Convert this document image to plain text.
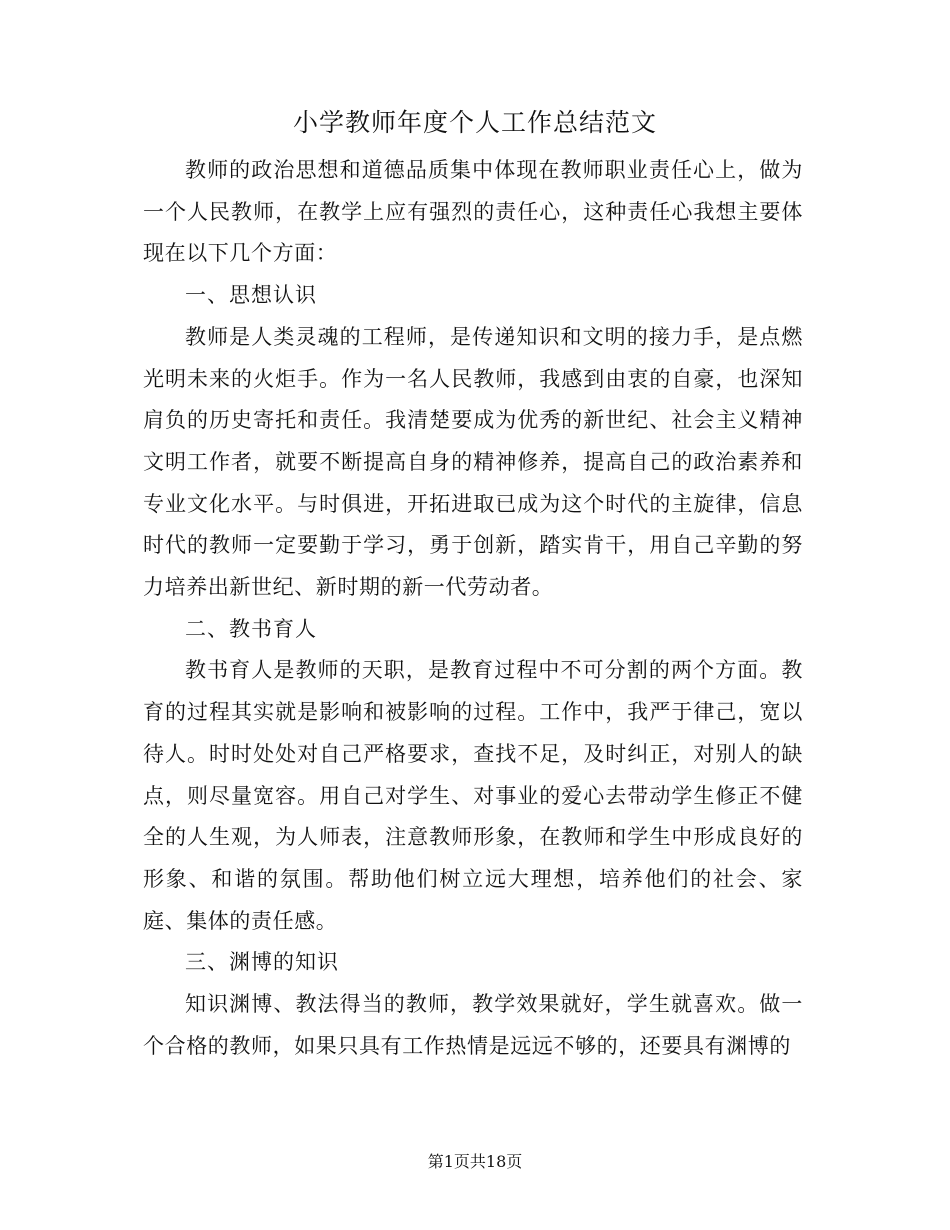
小学教师年度个人工作总结范文

教师的政治思想和道德品质集中体现在教师职业责任心上，做为一个人民教师，在教学上应有强烈的责任心，这种责任心我想主要体现在以下几个方面：

一、思想认识

教师是人类灵魂的工程师，是传递知识和文明的接力手，是点燃光明未来的火炬手。作为一名人民教师，我感到由衷的自豪，也深知肩负的历史寄托和责任。我清楚要成为优秀的新世纪、社会主义精神文明工作者，就要不断提高自身的精神修养，提高自己的政治素养和专业文化水平。与时俱进，开拓进取已成为这个时代的主旋律，信息时代的教师一定要勤于学习，勇于创新，踏实肯干，用自己辛勤的努力培养出新世纪、新时期的新一代劳动者。

二、教书育人

教书育人是教师的天职，是教育过程中不可分割的两个方面。教育的过程其实就是影响和被影响的过程。工作中，我严于律己，宽以待人。时时处处对自己严格要求，查找不足，及时纠正，对别人的缺点，则尽量宽容。用自己对学生、对事业的爱心去带动学生修正不健全的人生观，为人师表，注意教师形象，在教师和学生中形成良好的形象、和谐的氛围。帮助他们树立远大理想，培养他们的社会、家庭、集体的责任感。

三、渊博的知识

知识渊博、教法得当的教师，教学效果就好，学生就喜欢。做一个合格的教师，如果只具有工作热情是远远不够的，还要具有渊博的

第1页共18页
